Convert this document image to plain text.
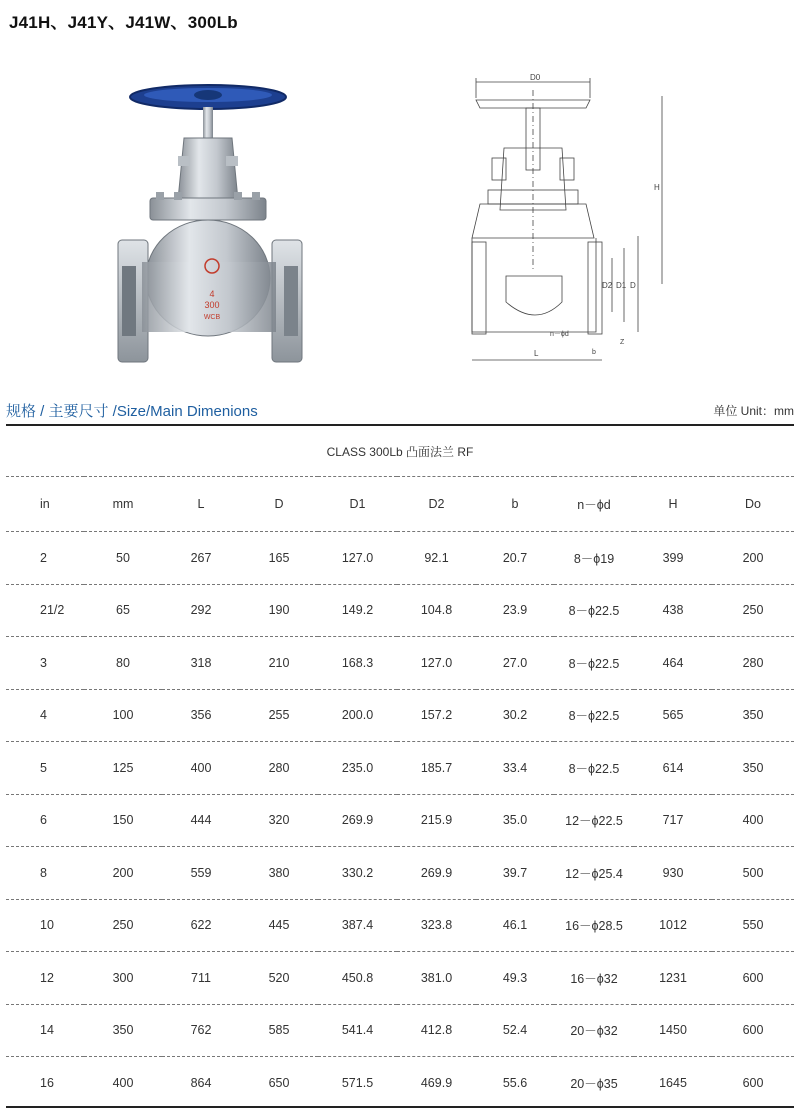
J41H、J41Y、J41W、300Lb
4
300
WCB
D0
H
D
D1
D2
n－ϕd
b
Z
L
规格 / 主要尺寸 /Size/Main Dimenions	单位 Unit：mm
CLASS 300Lb 凸面法兰 RF
in	mm	L	D	D1	D2	b	n－ϕd	H	Do
2	50	267	165	127.0	92.1	20.7	8－ϕ19	399	200
21/2	65	292	190	149.2	104.8	23.9	8－ϕ22.5	438	250
3	80	318	210	168.3	127.0	27.0	8－ϕ22.5	464	280
4	100	356	255	200.0	157.2	30.2	8－ϕ22.5	565	350
5	125	400	280	235.0	185.7	33.4	8－ϕ22.5	614	350
6	150	444	320	269.9	215.9	35.0	12－ϕ22.5	717	400
8	200	559	380	330.2	269.9	39.7	12－ϕ25.4	930	500
10	250	622	445	387.4	323.8	46.1	16－ϕ28.5	1012	550
12	300	711	520	450.8	381.0	49.3	16－ϕ32	1231	600
14	350	762	585	541.4	412.8	52.4	20－ϕ32	1450	600
16	400	864	650	571.5	469.9	55.6	20－ϕ35	1645	600
